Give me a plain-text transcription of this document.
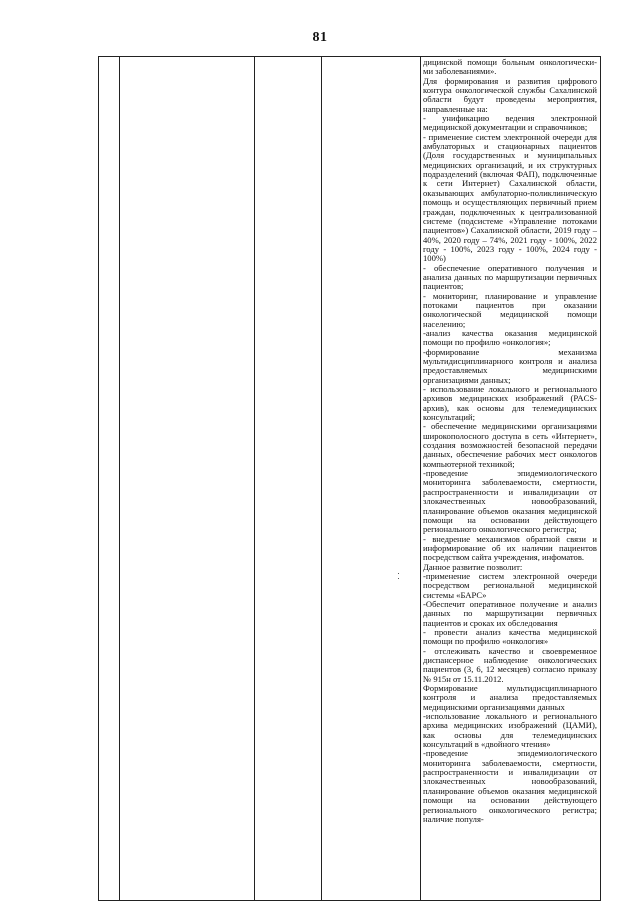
81

дицинской помощи больным онкологически-ми заболеваниями».

Для формирования и развития цифрового контура онкологической службы Сахалинской области будут проведены мероприятия, направленные на:

- унификацию ведения электронной медицинской документации и справочников;

- применение систем электронной очереди для амбулаторных и стационарных пациентов (Доля государственных и муниципальных медицинских организаций, и их структурных подразделений (включая ФАП), подключенные к сети Интернет) Сахалинской области, оказывающих амбулаторно-поликлиническую помощь и осуществляющих первичный прием граждан, подключенных к централизованной системе (подсистеме «Управление потоками пациентов») Сахалинской области, 2019 году – 40%, 2020 году – 74%, 2021 году - 100%, 2022 году - 100%, 2023 году - 100%, 2024 году - 100%)

- обеспечение оперативного получения и анализа данных по маршрутизации первичных пациентов;

- мониторинг, планирование и управление потоками пациентов при оказании онкологической медицинской помощи населению;

-анализ качества оказания медицинской помощи по профилю «онкология»;

-формирование механизма мультидисциплинарного контроля и анализа предоставляемых медицинскими организациями данных;

- использование локального и регионального архивов медицинских изображений (PACS-архив), как основы для телемедицинских консультаций;

- обеспечение медицинскими организациями широкополосного доступа в сеть «Интернет», создания возможностей безопасной передачи данных, обеспечение рабочих мест онкологов компьютерной техникой;

-проведение эпидемиологического мониторинга заболеваемости, смертности, распространенности и инвалидизации от злокачественных новообразований, планирование объемов оказания медицинской помощи на основании действующего регионального онкологического регистра;

- внедрение механизмов обратной связи и информирование об их наличии пациентов посредством сайта учреждения, инфоматов.

Данное развитие позволит:

-применение систем электронной очереди посредством региональной медицинской системы «БАРС»

-Обеспечит оперативное получение и анализ данных по маршрутизации первичных пациентов и сроках их обследования

- провести анализ качества медицинской помощи по профилю «онкология»

- отслеживать качество и своевременное диспансерное наблюдение онкологических пациентов (3, 6, 12 месяцев) согласно приказу № 915н от 15.11.2012.

Формирование мультидисциплинарного контроля и анализа предоставляемых медицинскими организациями данных

-использование локального и регионального архива медицинских изображений (ЦАМИ), как основы для телемедицинских консультаций в «двойного чтения»

-проведение эпидемиологического мониторинга заболеваемости, смертности, распространенности и инвалидизации от злокачественных новообразований, планирование объемов оказания медицинской помощи на основании действующего регионального онкологического регистра; наличие популя-
